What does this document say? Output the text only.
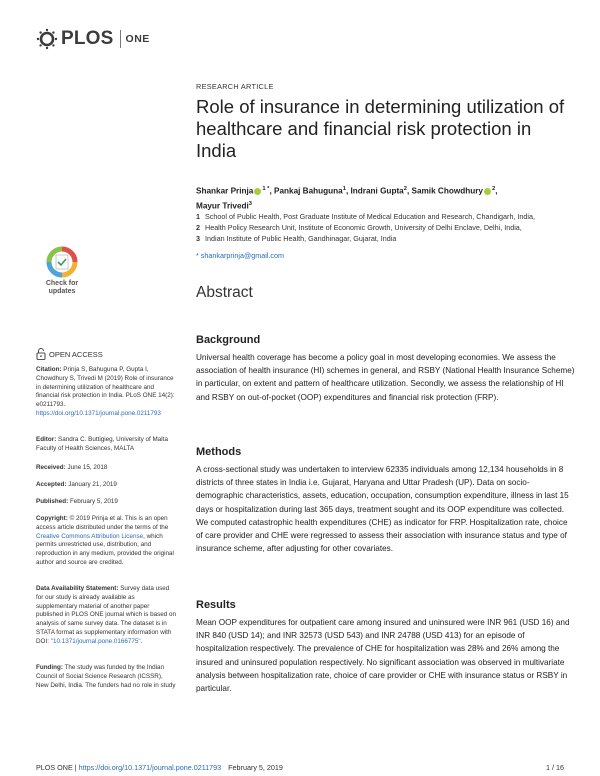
PLOS ONE
RESEARCH ARTICLE
Role of insurance in determining utilization of healthcare and financial risk protection in India
Shankar Prinja $^{1 *}$, Pankaj Bahuguna$^1$, Indrani Gupta$^2$, Samik Chowdhury $^2$,
Mayur Trivedi$^3$
1 School of Public Health, Post Graduate Institute of Medical Education and Research, Chandigarh, India,
2 Health Policy Research Unit, Institute of Economic Growth, University of Delhi Enclave, Delhi, India,
3 Indian Institute of Public Health, Gandhinagar, Gujarat, India
* shankarprinja@gmail.com
Check for
updates	Abstract
OPEN ACCESS
Citation: Prinja S, Bahuguna P, Gupta I, Chowdhury S, Trivedi M (2019) Role of insurance in determining utilization of healthcare and financial risk protection in India. PLoS ONE 14(2): e0211793. https://doi.org/10.1371/journal.pone.0211793
Editor: Sandra C. Buttigieg, University of Malta Faculty of Health Sciences, MALTA
Received: June 15, 2018
Accepted: January 21, 2019
Published: February 5, 2019
Copyright: © 2019 Prinja et al. This is an open access article distributed under the terms of the Creative Commons Attribution License, which permits unrestricted use, distribution, and reproduction in any medium, provided the original author and source are credited.
Data Availability Statement: Survey data used for our study is already available as supplementary material of another paper published in PLOS ONE journal which is based on analysis of same survey data. The dataset is in STATA format as supplementary information with DOI: "10.1371/journal.pone.0166775".
Funding: The study was funded by the Indian Council of Social Science Research (ICSSR), New Delhi, India. The funders had no role in study
Background

Universal health coverage has become a policy goal in most developing economies. We assess the association of health insurance (HI) schemes in general, and RSBY (National Health Insurance Scheme) in particular, on extent and pattern of healthcare utilization. Secondly, we assess the relationship of HI and RSBY on out-of-pocket (OOP) expenditures and financial risk protection (FRP).

Methods

A cross-sectional study was undertaken to interview 62335 individuals among 12,134 households in 8 districts of three states in India i.e. Gujarat, Haryana and Uttar Pradesh (UP). Data on socio-demographic characteristics, assets, education, occupation, consumption expenditure, illness in last 15 days or hospitalization during last 365 days, treatment sought and its OOP expenditure was collected. We computed catastrophic health expenditures (CHE) as indicator for FRP. Hospitalization rate, choice of care provider and CHE were regressed to assess their association with insurance status and type of insurance scheme, after adjusting for other covariates.

Results

Mean OOP expenditures for outpatient care among insured and uninsured were INR 961 (USD 16) and INR 840 (USD 14); and INR 32573 (USD 543) and INR 24788 (USD 413) for an episode of hospitalization respectively. The prevalence of CHE for hospitalization was 28% and 26% among the insured and uninsured population respectively. No significant association was observed in multivariate analysis between hospitalization rate, choice of care provider or CHE with insurance status or RSBY in particular.

PLOS ONE | https://doi.org/10.1371/journal.pone.0211793 February 5, 2019	1 / 16
